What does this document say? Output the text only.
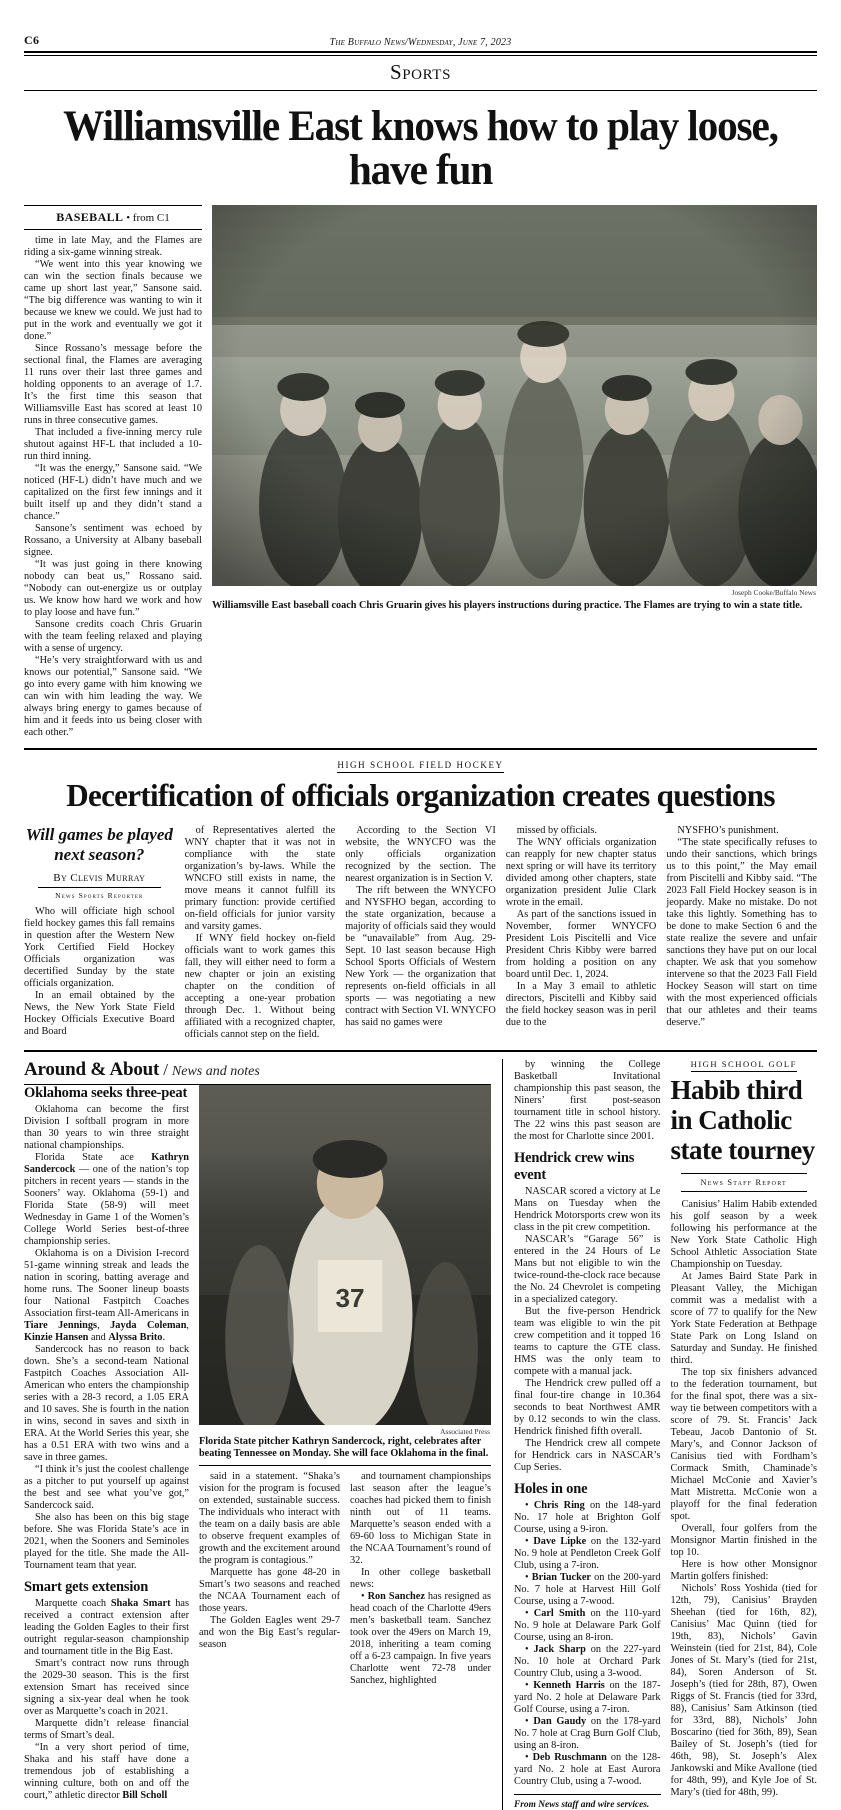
C6	The Buffalo News/Wednesday, June 7, 2023
Sports
Williamsville East knows how to play loose, have fun
BASEBALL • from C1

time in late May, and the Flames are riding a six-game winning streak.

“We went into this year knowing we can win the section finals because we came up short last year,” Sansone said. “The big difference was wanting to win it because we knew we could. We just had to put in the work and eventually we got it done.”

Since Rossano’s message before the sectional final, the Flames are averaging 11 runs over their last three games and holding opponents to an average of 1.7. It’s the first time this season that Williamsville East has scored at least 10 runs in three consecutive games.

That included a five-inning mercy rule shutout against HF-L that included a 10-run third inning.

“It was the energy,” Sansone said. “We noticed (HF-L) didn’t have much and we capitalized on the first few innings and it built itself up and they didn’t stand a chance.”

Sansone’s sentiment was echoed by Rossano, a University at Albany baseball signee.

“It was just going in there knowing nobody can beat us,” Rossano said. “Nobody can out-energize us or outplay us. We know how hard we work and how to play loose and have fun.”

Sansone credits coach Chris Gruarin with the team feeling relaxed and playing with a sense of urgency.

“He’s very straightforward with us and knows our potential,” Sansone said. “We go into every game with him knowing we can win with him leading the way. We always bring energy to games because of him and it feeds into us being closer with each other.”

Joseph Cooke/Buffalo News
Williamsville East baseball coach Chris Gruarin gives his players instructions during practice. The Flames are trying to win a state title.
HIGH SCHOOL FIELD HOCKEY
Decertification of officials organization creates questions
Will games be played next season?
By Clevis Murray
News Sports Reporter

Who will officiate high school field hockey games this fall remains in question after the Western New York Certified Field Hockey Officials organization was decertified Sunday by the state officials organization.

In an email obtained by the News, the New York State Field Hockey Officials Executive Board and Board

of Representatives alerted the WNY chapter that it was not in compliance with the state organization’s by-laws. While the WNCFO still exists in name, the move means it cannot fulfill its primary function: provide certified on-field officials for junior varsity and varsity games.

If WNY field hockey on-field officials want to work games this fall, they will either need to form a new chapter or join an existing chapter on the condition of accepting a one-year probation through Dec. 1. Without being affiliated with a recognized chapter, officials cannot step on the field.

According to the Section VI website, the WNYCFO was the only officials organization recognized by the section. The nearest organization is in Section V.

The rift between the WNYCFO and NYSFHO began, according to the state organization, because a majority of officials said they would be “unavailable” from Aug. 29-Sept. 10 last season because High School Sports Officials of Western New York — the organization that represents on-field officials in all sports — was negotiating a new contract with Section VI. WNYCFO has said no games were

missed by officials.

The WNY officials organization can reapply for new chapter status next spring or will have its territory divided among other chapters, state organization president Julie Clark wrote in the email.

As part of the sanctions issued in November, former WNYCFO President Lois Piscitelli and Vice President Chris Kibby were barred from holding a position on any board until Dec. 1, 2024.

In a May 3 email to athletic directors, Piscitelli and Kibby said the field hockey season was in peril due to the

NYSFHO’s punishment.

“The state specifically refuses to undo their sanctions, which brings us to this point,” the May email from Piscitelli and Kibby said. “The 2023 Fall Field Hockey season is in jeopardy. Make no mistake. Do not take this lightly. Something has to be done to make Section 6 and the state realize the severe and unfair sanctions they have put on our local chapter. We ask that you somehow intervene so that the 2023 Fall Field Hockey Season will start on time with the most experienced officials that our athletes and their teams deserve.”

Around & About / News and notes
Oklahoma seeks three-peat

Oklahoma can become the first Division I softball program in more than 30 years to win three straight national championships.

Florida State ace Kathryn Sandercock — one of the nation’s top pitchers in recent years — stands in the Sooners’ way. Oklahoma (59-1) and Florida State (58-9) will meet Wednesday in Game 1 of the Women’s College World Series best-of-three championship series.

Oklahoma is on a Division I-record 51-game winning streak and leads the nation in scoring, batting average and home runs. The Sooner lineup boasts four National Fastpitch Coaches Association first-team All-Americans in Tiare Jennings, Jayda Coleman, Kinzie Hansen and Alyssa Brito.

Sandercock has no reason to back down. She’s a second-team National Fastpitch Coaches Association All-American who enters the championship series with a 28-3 record, a 1.05 ERA and 10 saves. She is fourth in the nation in wins, second in saves and sixth in ERA. At the World Series this year, she has a 0.51 ERA with two wins and a save in three games.

“I think it’s just the coolest challenge as a pitcher to put yourself up against the best and see what you’ve got,” Sandercock said.

She also has been on this big stage before. She was Florida State’s ace in 2021, when the Sooners and Seminoles played for the title. She made the All-Tournament team that year.

Smart gets extension

Marquette coach Shaka Smart has received a contract extension after leading the Golden Eagles to their first outright regular-season championship and tournament title in the Big East.

Smart’s contract now runs through the 2029-30 season. This is the first extension Smart has received since signing a six-year deal when he took over as Marquette’s coach in 2021.

Marquette didn’t release financial terms of Smart’s deal.

“In a very short period of time, Shaka and his staff have done a tremendous job of establishing a winning culture, both on and off the court,” athletic director Bill Scholl

37
Associated Press
Florida State pitcher Kathryn Sandercock, right, celebrates after beating Tennessee on Monday. She will face Oklahoma in the final.

said in a statement. “Shaka’s vision for the program is focused on extended, sustainable success. The individuals who interact with the team on a daily basis are able to observe frequent examples of growth and the excitement around the program is contagious.”

Marquette has gone 48-20 in Smart’s two seasons and reached the NCAA Tournament each of those years.

The Golden Eagles went 29-7 and won the Big East’s regular-season

and tournament championships last season after the league’s coaches had picked them to finish ninth out of 11 teams. Marquette’s season ended with a 69-60 loss to Michigan State in the NCAA Tournament’s round of 32.

In other college basketball news:

• Ron Sanchez has resigned as head coach of the Charlotte 49ers men’s basketball team. Sanchez took over the 49ers on March 19, 2018, inheriting a team coming off a 6-23 campaign. In five years Charlotte went 72-78 under Sanchez, highlighted

by winning the College Basketball Invitational championship this past season, the Niners’ first post-season tournament title in school history. The 22 wins this past season are the most for Charlotte since 2001.

Hendrick crew wins event

NASCAR scored a victory at Le Mans on Tuesday when the Hendrick Motorsports crew won its class in the pit crew competition.

NASCAR’s “Garage 56” is entered in the 24 Hours of Le Mans but not eligible to win the twice-round-the-clock race because the No. 24 Chevrolet is competing in a specialized category.

But the five-person Hendrick team was eligible to win the pit crew competition and it topped 16 teams to capture the GTE class. HMS was the only team to compete with a manual jack.

The Hendrick crew pulled off a final four-tire change in 10.364 seconds to beat Northwest AMR by 0.12 seconds to win the class. Hendrick finished fifth overall.

The Hendrick crew all compete for Hendrick cars in NASCAR’s Cup Series.

Holes in one

• Chris Ring on the 148-yard No. 17 hole at Brighton Golf Course, using a 9-iron.

• Dave Lipke on the 132-yard No. 9 hole at Pendleton Creek Golf Club, using a 7-iron.

• Brian Tucker on the 200-yard No. 7 hole at Harvest Hill Golf Course, using a 7-wood.

• Carl Smith on the 110-yard No. 9 hole at Delaware Park Golf Course, using an 8-iron.

• Jack Sharp on the 227-yard No. 10 hole at Orchard Park Country Club, using a 3-wood.

• Kenneth Harris on the 187-yard No. 2 hole at Delaware Park Golf Course, using a 7-iron.

• Dan Gaudy on the 178-yard No. 7 hole at Crag Burn Golf Club, using an 8-iron.

• Deb Ruschmann on the 128-yard No. 2 hole at East Aurora Country Club, using a 7-wood.

From News staff and wire services.
HIGH SCHOOL GOLF
Habib third in Catholic state tourney
News Staff Report

Canisius’ Halim Habib extended his golf season by a week following his performance at the New York State Catholic High School Athletic Association State Championship on Tuesday.

At James Baird State Park in Pleasant Valley, the Michigan commit was a medalist with a score of 77 to qualify for the New York State Federation at Bethpage State Park on Long Island on Saturday and Sunday. He finished third.

The top six finishers advanced to the federation tournament, but for the final spot, there was a six-way tie between competitors with a score of 79. St. Francis’ Jack Tebeau, Jacob Dantonio of St. Mary’s, and Connor Jackson of Canisius tied with Fordham’s Cormack Smith, Chaminade’s Michael McConie and Xavier’s Matt Mistretta. McConie won a playoff for the final federation spot.

Overall, four golfers from the Monsignor Martin finished in the top 10.

Here is how other Monsignor Martin golfers finished:

Nichols’ Ross Yoshida (tied for 12th, 79), Canisius’ Brayden Sheehan (tied for 16th, 82), Canisius’ Mac Quinn (tied for 19th, 83), Nichols’ Gavin Weinstein (tied for 21st, 84), Cole Jones of St. Mary’s (tied for 21st, 84), Soren Anderson of St. Joseph’s (tied for 28th, 87), Owen Riggs of St. Francis (tied for 33rd, 88), Canisius’ Sam Atkinson (tied for 33rd, 88), Nichols’ John Boscarino (tied for 36th, 89), Sean Bailey of St. Joseph’s (tied for 46th, 98), St. Joseph’s Alex Jankowski and Mike Avallone (tied for 48th, 99), and Kyle Joe of St. Mary’s (tied for 48th, 99).
